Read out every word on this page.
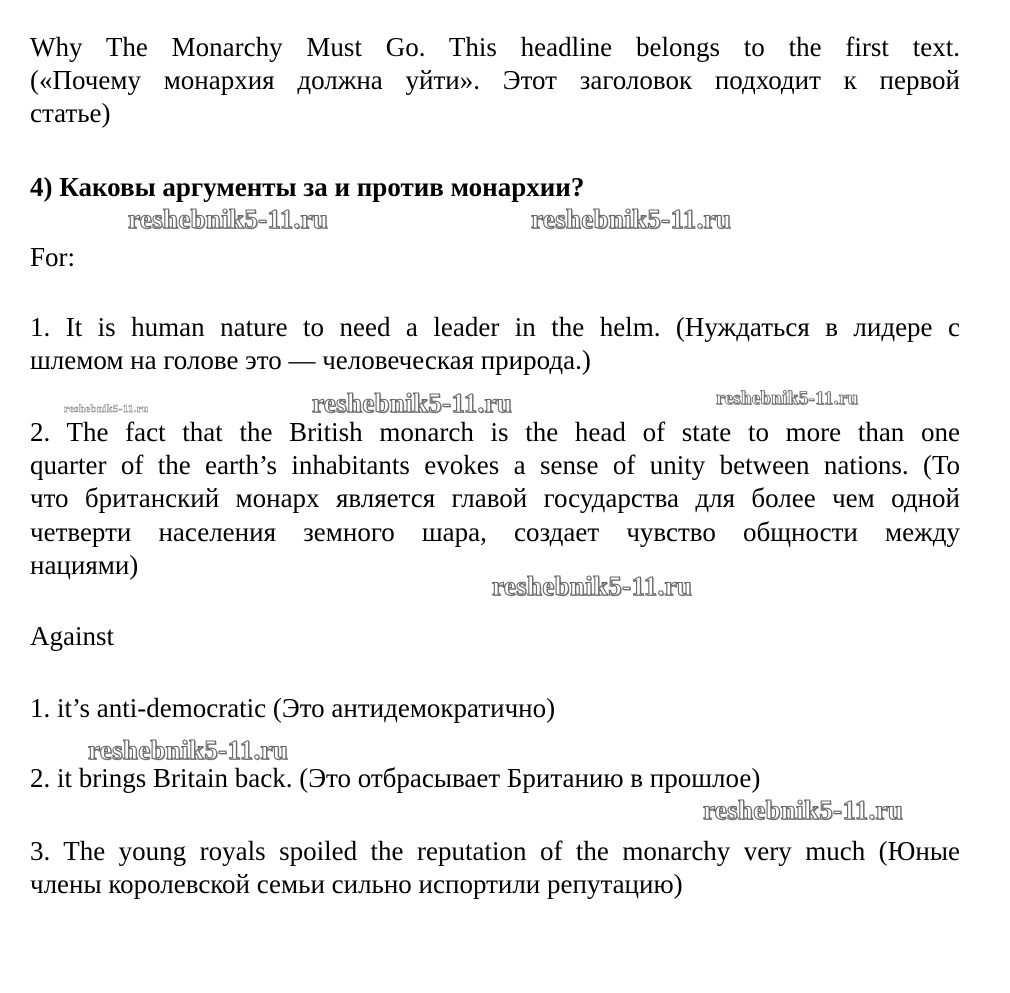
Why The Monarchy Must Go. This headline belongs to the first text.

(«Почему монархия должна уйти». Этот заголовок подходит к первой

статье)

4) Каковы аргументы за и против монархии?

reshebnik5-11.ru	reshebnik5-11.ru

For:

1. It is human nature to need a leader in the helm. (Нуждаться в лидере с

шлемом на голове это — человеческая природа.)

reshebnik5-11.ru	reshebnik5-11.ru	reshebnik5-11.ru

2. The fact that the British monarch is the head of state to more than one

quarter of the earth’s inhabitants evokes a sense of unity between nations. (То

что британский монарх является главой государства для более чем одной

четверти населения земного шара, создает чувство общности между

нациями)

reshebnik5-11.ru

Against

1. it’s anti-democratic (Это антидемократично)

reshebnik5-11.ru

2. it brings Britain back. (Это отбрасывает Британию в прошлое)

reshebnik5-11.ru

3. The young royals spoiled the reputation of the monarchy very much (Юные

члены королевской семьи сильно испортили репутацию)
